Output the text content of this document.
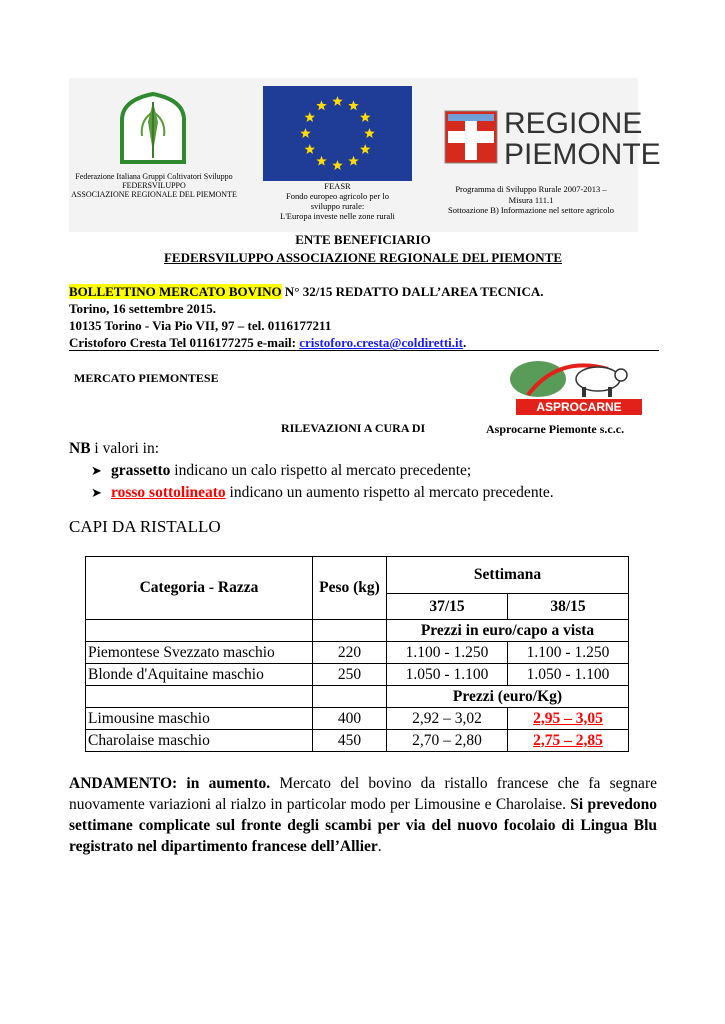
Federazione Italiana Gruppi Coltivatori Sviluppo
FEDERSVILUPPO
ASSOCIAZIONE REGIONALE DEL PIEMONTE
FEASR
Fondo europeo agricolo per lo
sviluppo rurale:
L'Europa investe nelle zone rurali
REGIONE
PIEMONTE
Programma di Sviluppo Rurale 2007-2013 –
Misura 111.1
Sottoazione B) Informazione nel settore agricolo
ENTE BENEFICIARIO
FEDERSVILUPPO ASSOCIAZIONE REGIONALE DEL PIEMONTE
BOLLETTINO MERCATO BOVINO N° 32/15 REDATTO DALL’AREA TECNICA.
Torino, 16 settembre 2015.
10135 Torino - Via Pio VII, 97 – tel. 0116177211
Cristoforo Cresta Tel 0116177275 e-mail: cristoforo.cresta@coldiretti.it.
MERCATO PIEMONTESE
ASPROCARNE
RILEVAZIONI A CURA DI	Asprocarne Piemonte s.c.c.
NB i valori in:
➤ grassetto indicano un calo rispetto al mercato precedente;
➤ rosso sottolineato indicano un aumento rispetto al mercato precedente.
CAPI DA RISTALLO
Categoria - Razza	Peso (kg)	Settimana	
		37/15	38/15
		Prezzi in euro/capo a vista	
Piemontese Svezzato maschio	220	1.100 - 1.250	1.100 - 1.250
Blonde d'Aquitaine maschio	250	1.050 - 1.100	1.050 - 1.100
		Prezzi (euro/Kg)	
Limousine maschio	400	2,92 – 3,02	2,95 – 3,05
Charolaise maschio	450	2,70 – 2,80	2,75 – 2,85
ANDAMENTO: in aumento. Mercato del bovino da ristallo francese che fa segnare nuovamente variazioni al rialzo in particolar modo per Limousine e Charolaise. Si prevedono settimane complicate sul fronte degli scambi per via del nuovo focolaio di Lingua Blu registrato nel dipartimento francese dell’Allier.
